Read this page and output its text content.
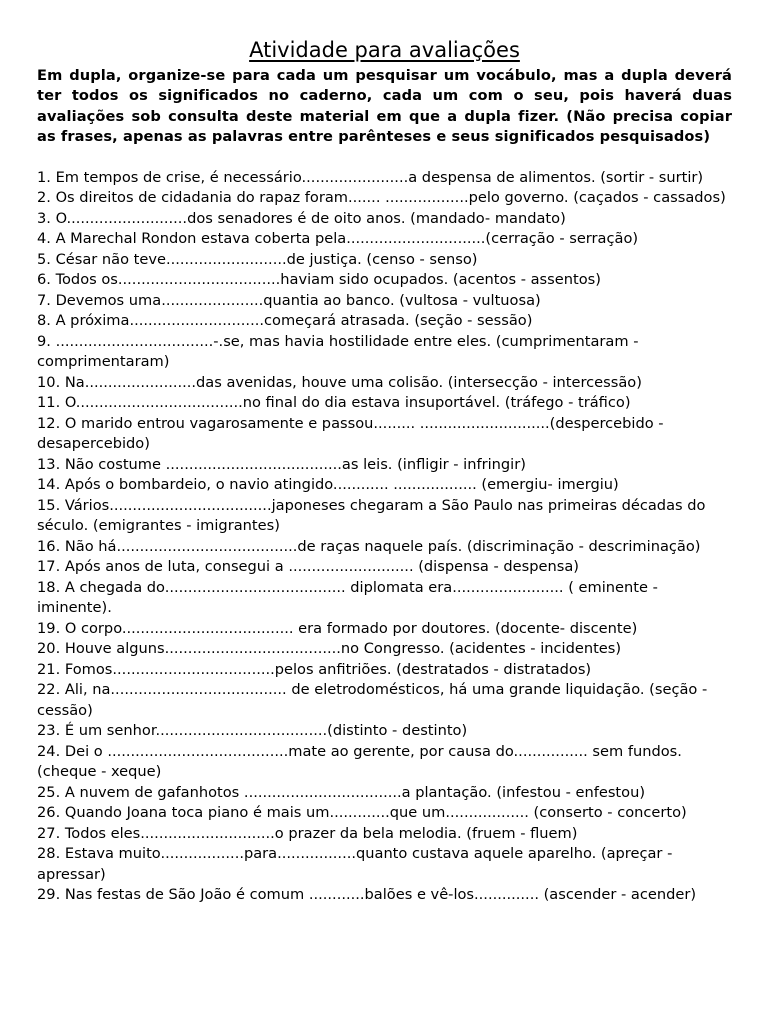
Atividade para avaliações

Em dupla, organize-se para cada um pesquisar um vocábulo, mas a dupla deverá ter todos os significados no caderno, cada um com o seu, pois haverá duas avaliações sob consulta deste material em que a dupla fizer. (Não precisa copiar as frases, apenas as palavras entre parênteses e seus significados pesquisados)

1. Em tempos de crise, é necessário.......................a despensa de alimentos. (sortir - surtir)
2. Os direitos de cidadania do rapaz foram....... ..................pelo governo. (caçados - cassados)
3. O..........................dos senadores é de oito anos. (mandado- mandato)
4. A Marechal Rondon estava coberta pela..............................(cerração - serração)
5. César não teve..........................de justiça. (censo - senso)
6. Todos os...................................haviam sido ocupados. (acentos - assentos)
7. Devemos uma......................quantia ao banco. (vultosa - vultuosa)
8. A próxima.............................começará atrasada. (seção - sessão)
9. ..................................-.se, mas havia hostilidade entre eles. (cumprimentaram - comprimentaram)
10. Na........................das avenidas, houve uma colisão. (intersecção - intercessão)
11. O....................................no final do dia estava insuportável. (tráfego - tráfico)
12. O marido entrou vagarosamente e passou......... ............................(despercebido - desapercebido)
13. Não costume ......................................as leis. (infligir - infringir)
14. Após o bombardeio, o navio atingido............ .................. (emergiu- imergiu)
15. Vários...................................japoneses chegaram a São Paulo nas primeiras décadas do século. (emigrantes - imigrantes)
16. Não há.......................................de raças naquele país. (discriminação - descriminação)
17. Após anos de luta, consegui a ........................... (dispensa - despensa)
18. A chegada do....................................... diplomata era........................ ( eminente - iminente).
19. O corpo..................................... era formado por doutores. (docente- discente)
20. Houve alguns......................................no Congresso. (acidentes - incidentes)
21. Fomos...................................pelos anfitriões. (destratados - distratados)
22. Ali, na...................................... de eletrodomésticos, há uma grande liquidação. (seção - cessão)
23. É um senhor.....................................(distinto - destinto)
24. Dei o .......................................mate ao gerente, por causa do................ sem fundos. (cheque - xeque)
25. A nuvem de gafanhotos ..................................a plantação. (infestou - enfestou)
26. Quando Joana toca piano é mais um.............que um.................. (conserto - concerto)
27. Todos eles.............................o prazer da bela melodia. (fruem - fluem)
28. Estava muito..................para.................quanto custava aquele aparelho. (apreçar - apressar)
29. Nas festas de São João é comum ............balões e vê-los.............. (ascender - acender)
